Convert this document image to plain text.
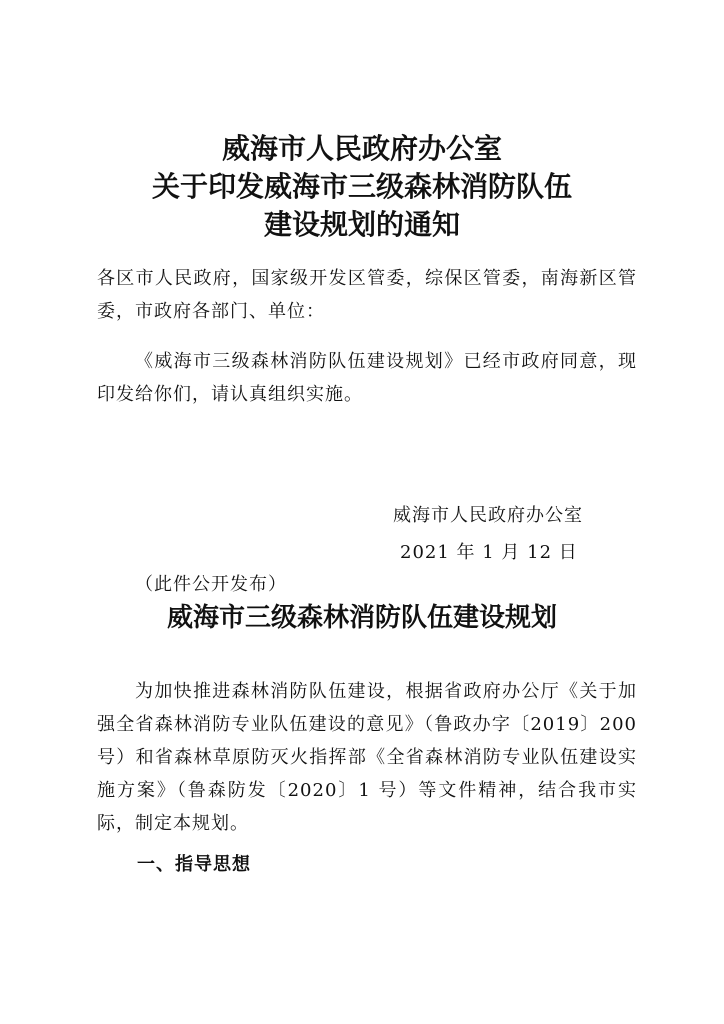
威海市人民政府办公室
关于印发威海市三级森林消防队伍
建设规划的通知

各区市人民政府，国家级开发区管委，综保区管委，南海新区管委，市政府各部门、单位：

《威海市三级森林消防队伍建设规划》已经市政府同意，现印发给你们，请认真组织实施。

威海市人民政府办公室
2021 年 1 月 12 日
（此件公开发布）
威海市三级森林消防队伍建设规划

为加快推进森林消防队伍建设，根据省政府办公厅《关于加强全省森林消防专业队伍建设的意见》（鲁政办字〔2019〕200号）和省森林草原防灭火指挥部《全省森林消防专业队伍建设实施方案》（鲁森防发〔2020〕1 号）等文件精神，结合我市实际，制定本规划。

一、指导思想
